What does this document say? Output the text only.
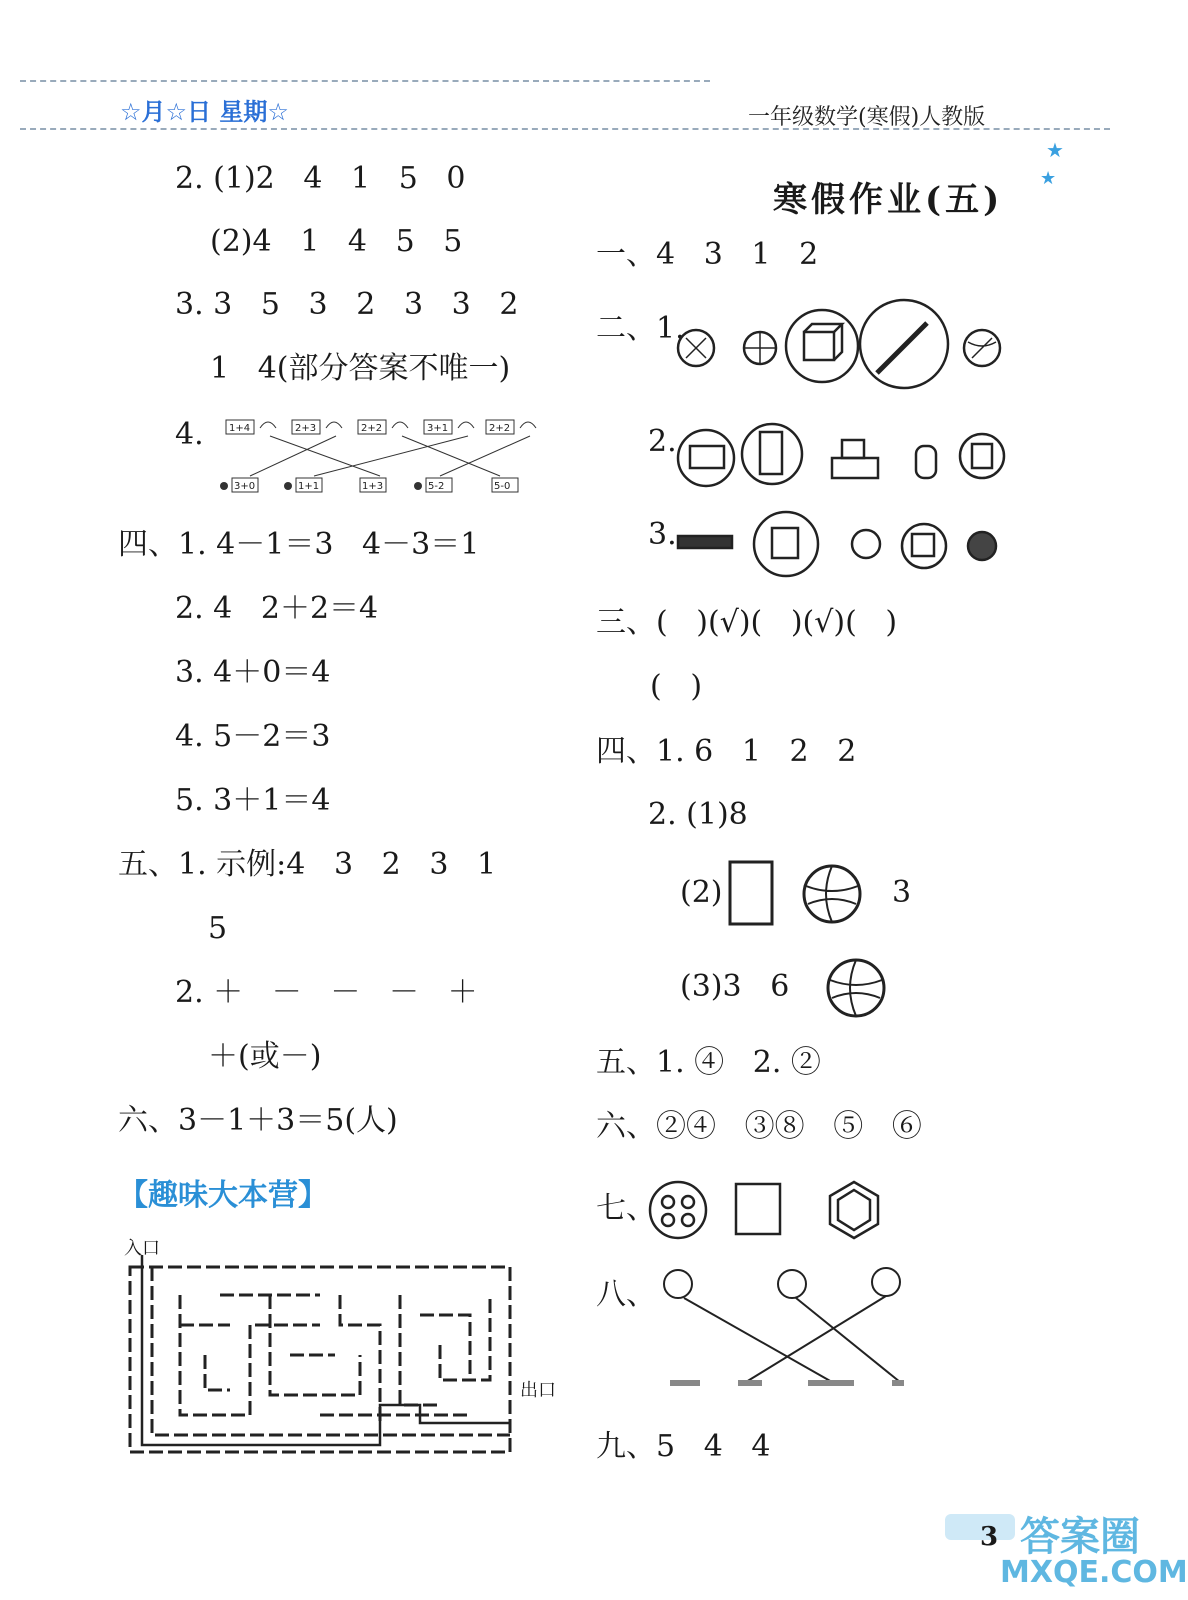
☆月☆日 星期☆	一年级数学(寒假)人教版
★
★
2. (1)2   4   1   5   0
(2)4   1   4   5   5
3. 3   5   3   2   3   3   2
1   4(部分答案不唯一)
4.	1+4	2+3	2+2	3+1	2+2
3+0	1+1	1+3	5-2	5-0
四、1. 4－1＝3   4－3＝1
2. 4   2＋2＝4
3. 4＋0＝4
4. 5－2＝3
5. 3＋1＝4
五、1. 示例:4   3   2   3   1
5
2. ＋   －   －   －   ＋
＋(或－)
六、3－1＋3＝5(人)
【趣味大本营】
入口
出口
寒假作业(五)
一、4   3   1   2
二、1.
2.
3.
三、(   )(√)(   )(√)(   )
(   )
四、1. 6   1   2   2
2. (1)8
(2)	3
(3)3   6
五、1. ④   2. ②
六、②④   ③⑧   ⑤   ⑥
七、
八、
九、5   4   4
3 答案圈
MXQE.COM
